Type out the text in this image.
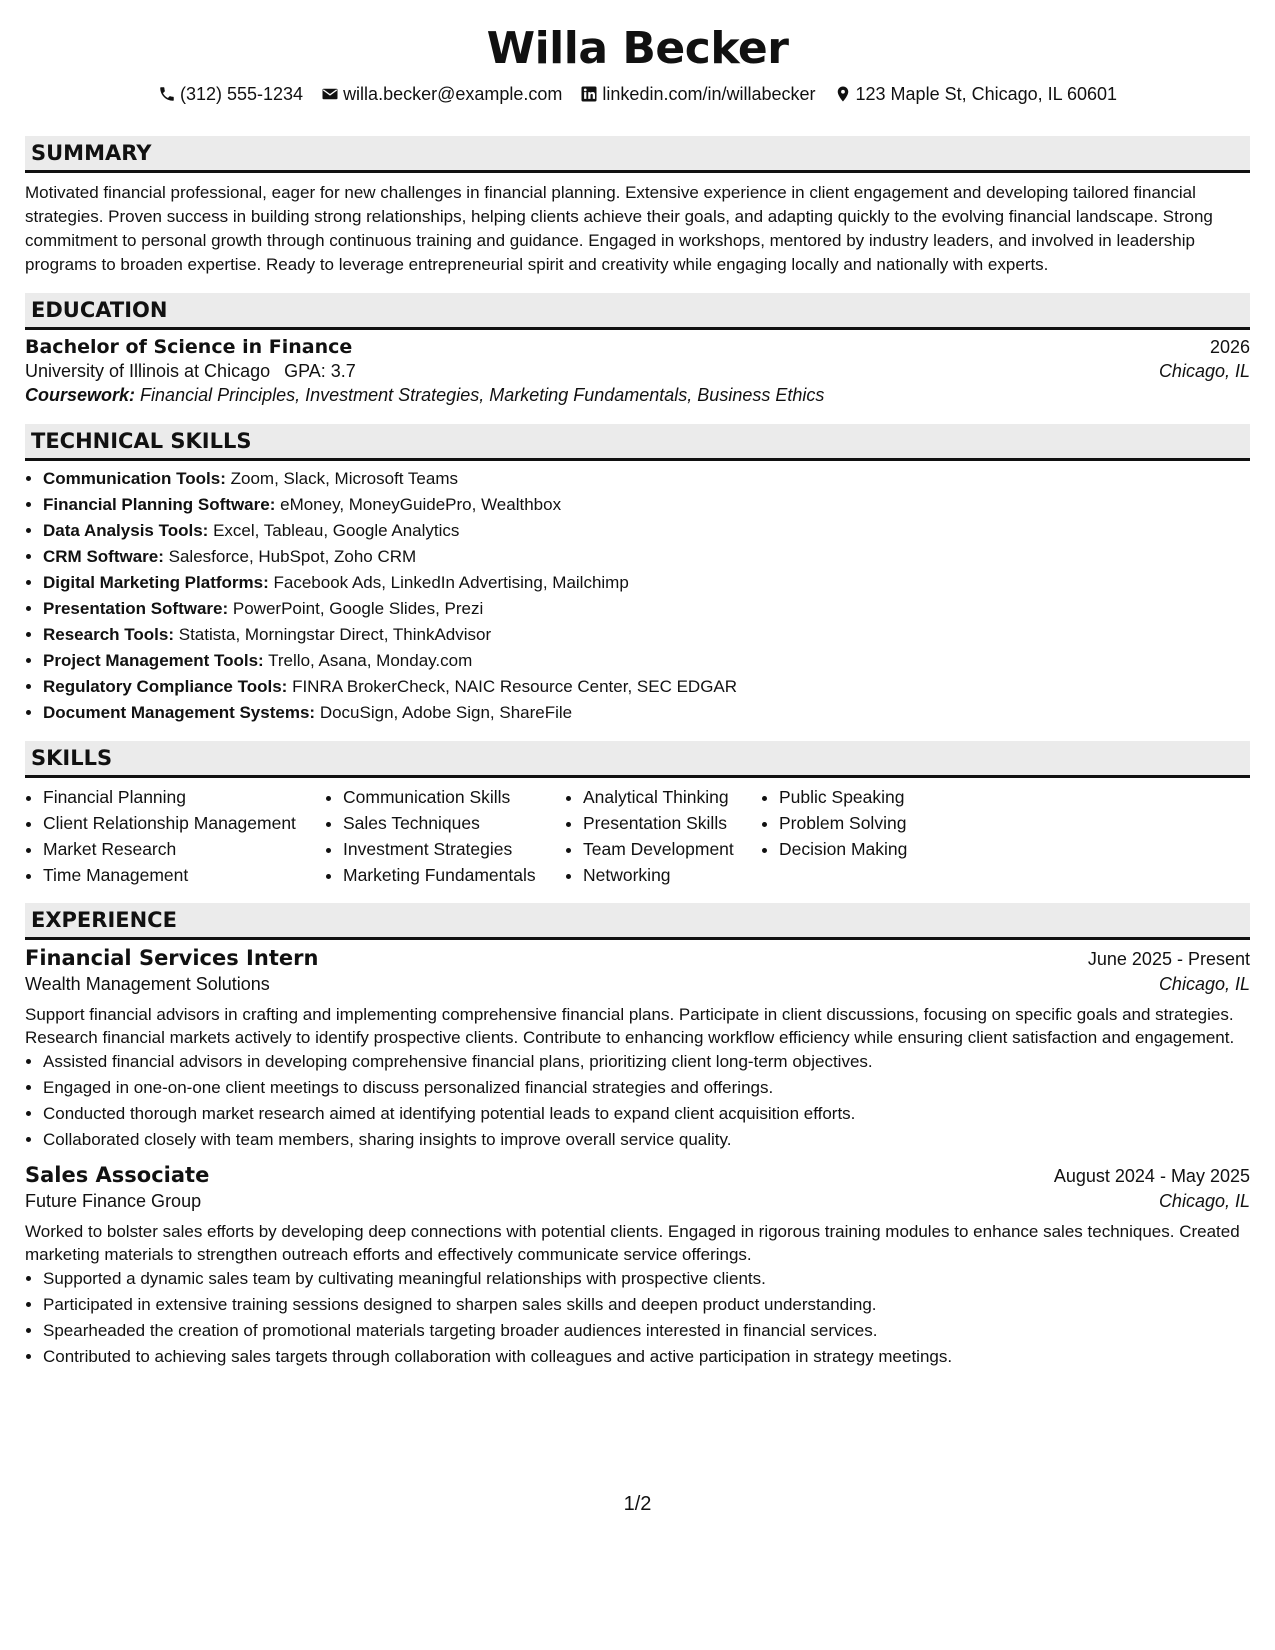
Willa Becker
(312) 555-1234 willa.becker@example.com linkedin.com/in/willabecker 123 Maple St, Chicago, IL 60601
SUMMARY

Motivated financial professional, eager for new challenges in financial planning. Extensive experience in client engagement and developing tailored financial strategies. Proven success in building strong relationships, helping clients achieve their goals, and adapting quickly to the evolving financial landscape. Strong commitment to personal growth through continuous training and guidance. Engaged in workshops, mentored by industry leaders, and involved in leadership programs to broaden expertise. Ready to leverage entrepreneurial spirit and creativity while engaging locally and nationally with experts.

EDUCATION
Bachelor of Science in Finance	2026
University of Illinois at Chicago GPA: 3.7	Chicago, IL
Coursework: Financial Principles, Investment Strategies, Marketing Fundamentals, Business Ethics
TECHNICAL SKILLS
• Communication Tools: Zoom, Slack, Microsoft Teams
• Financial Planning Software: eMoney, MoneyGuidePro, Wealthbox
• Data Analysis Tools: Excel, Tableau, Google Analytics
• CRM Software: Salesforce, HubSpot, Zoho CRM
• Digital Marketing Platforms: Facebook Ads, LinkedIn Advertising, Mailchimp
• Presentation Software: PowerPoint, Google Slides, Prezi
• Research Tools: Statista, Morningstar Direct, ThinkAdvisor
• Project Management Tools: Trello, Asana, Monday.com
• Regulatory Compliance Tools: FINRA BrokerCheck, NAIC Resource Center, SEC EDGAR
• Document Management Systems: DocuSign, Adobe Sign, ShareFile
SKILLS
• Financial Planning
• Client Relationship Management
• Market Research
• Time Management
• Communication Skills
• Sales Techniques
• Investment Strategies
• Marketing Fundamentals
• Analytical Thinking
• Presentation Skills
• Team Development
• Networking
• Public Speaking
• Problem Solving
• Decision Making
EXPERIENCE
Financial Services Intern	June 2025 - Present
Wealth Management Solutions	Chicago, IL

Support financial advisors in crafting and implementing comprehensive financial plans. Participate in client discussions, focusing on specific goals and strategies. Research financial markets actively to identify prospective clients. Contribute to enhancing workflow efficiency while ensuring client satisfaction and engagement.

• Assisted financial advisors in developing comprehensive financial plans, prioritizing client long-term objectives.
• Engaged in one-on-one client meetings to discuss personalized financial strategies and offerings.
• Conducted thorough market research aimed at identifying potential leads to expand client acquisition efforts.
• Collaborated closely with team members, sharing insights to improve overall service quality.
Sales Associate	August 2024 - May 2025
Future Finance Group	Chicago, IL

Worked to bolster sales efforts by developing deep connections with potential clients. Engaged in rigorous training modules to enhance sales techniques. Created marketing materials to strengthen outreach efforts and effectively communicate service offerings.

• Supported a dynamic sales team by cultivating meaningful relationships with prospective clients.
• Participated in extensive training sessions designed to sharpen sales skills and deepen product understanding.
• Spearheaded the creation of promotional materials targeting broader audiences interested in financial services.
• Contributed to achieving sales targets through collaboration with colleagues and active participation in strategy meetings.
1/2
